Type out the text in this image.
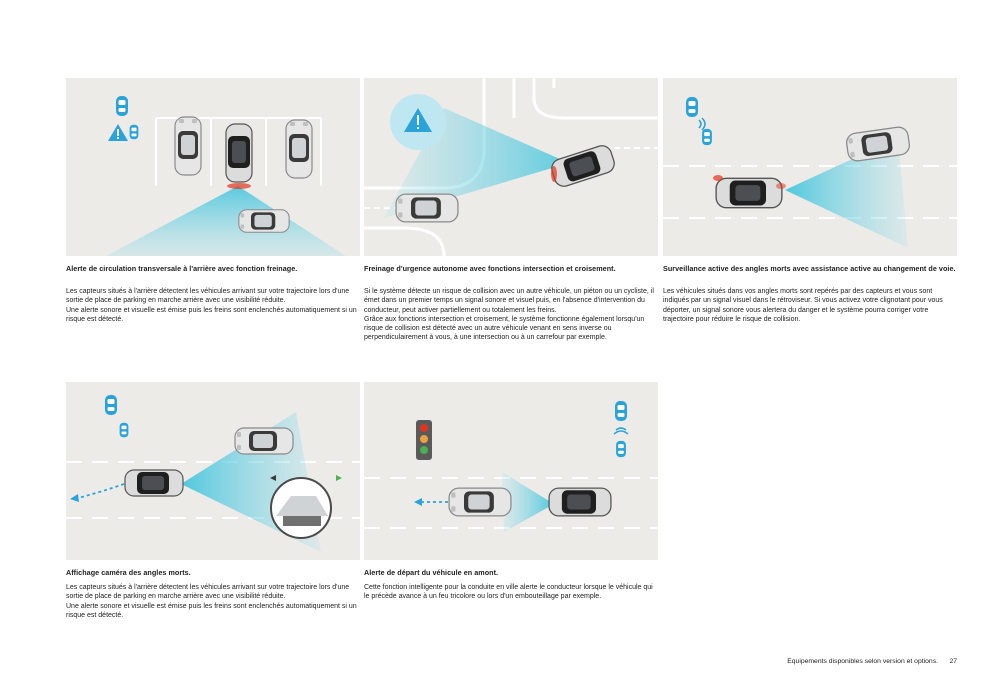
Alerte de circulation transversale à l'arrière avec fonction freinage.

Les capteurs situés à l'arrière détectent les véhicules arrivant sur votre trajectoire lors d'une sortie de place de parking en marche arrière avec une visibilité réduite.

Une alerte sonore et visuelle est émise puis les freins sont enclenchés automatiquement si un risque est détecté.

Freinage d'urgence autonome avec fonctions intersection et croisement.

Si le système détecte un risque de collision avec un autre véhicule, un piéton ou un cycliste, il émet dans un premier temps un signal sonore et visuel puis, en l'absence d'intervention du conducteur, peut activer partiellement ou totalement les freins.

Grâce aux fonctions intersection et croisement, le système fonctionne également lorsqu'un risque de collision est détecté avec un autre véhicule venant en sens inverse ou perpendiculairement à vous, à une intersection ou à un carrefour par exemple.

Surveillance active des angles morts avec assistance active au changement de voie.

Les véhicules situés dans vos angles morts sont repérés par des capteurs et vous sont indiqués par un signal visuel dans le rétroviseur. Si vous activez votre clignotant pour vous déporter, un signal sonore vous alertera du danger et le système pourra corriger votre trajectoire pour réduire le risque de collision.

Affichage caméra des angles morts.

Les capteurs situés à l'arrière détectent les véhicules arrivant sur votre trajectoire lors d'une sortie de place de parking en marche arrière avec une visibilité réduite.

Une alerte sonore et visuelle est émise puis les freins sont enclenchés automatiquement si un risque est détecté.

Alerte de départ du véhicule en amont.

Cette fonction intelligente pour la conduite en ville alerte le conducteur lorsque le véhicule qui le précède avance à un feu tricolore ou lors d'un embouteillage par exemple.

Equipements disponibles selon version et options. 27
